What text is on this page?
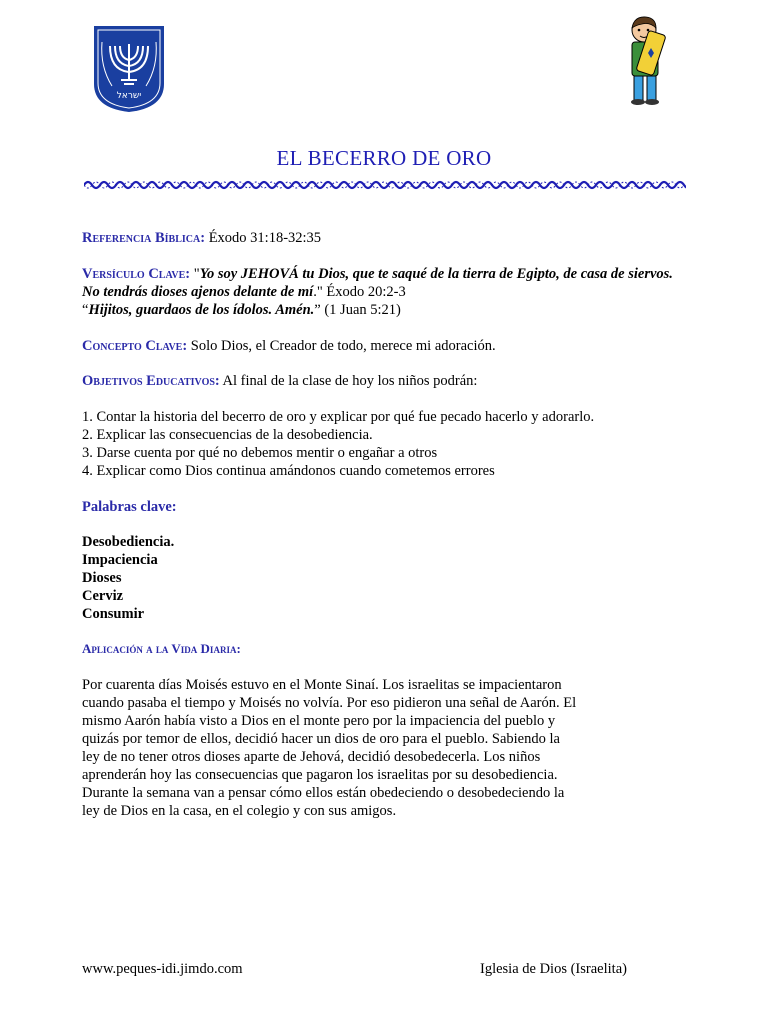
ישראל
EL BECERRO DE ORO
Referencia Bíblica: Éxodo 31:18-32:35
Versículo Clave: "Yo soy JEHOVÁ tu Dios, que te saqué de la tierra de Egipto, de casa de siervos. No tendrás dioses ajenos delante de mí." Éxodo 20:2-3
“Hijitos, guardaos de los ídolos. Amén.” (1 Juan 5:21)
Concepto Clave: Solo Dios, el Creador de todo, merece mi adoración.
Objetivos Educativos: Al final de la clase de hoy los niños podrán:
1. Contar la historia del becerro de oro y explicar por qué fue pecado hacerlo y adorarlo.
2. Explicar las consecuencias de la desobediencia.
3. Darse cuenta por qué no debemos mentir o engañar a otros
4. Explicar como Dios continua amándonos cuando cometemos errores
Palabras clave:
Desobediencia.
Impaciencia
Dioses
Cerviz
Consumir
Aplicación a la Vida Diaria:
Por cuarenta días Moisés estuvo en el Monte Sinaí. Los israelitas se impacientaron
cuando pasaba el tiempo y Moisés no volvía. Por eso pidieron una señal de Aarón. El
mismo Aarón había visto a Dios en el monte pero por la impaciencia del pueblo y
quizás por temor de ellos, decidió hacer un dios de oro para el pueblo. Sabiendo la
ley de no tener otros dioses aparte de Jehová, decidió desobedecerla. Los niños
aprenderán hoy las consecuencias que pagaron los israelitas por su desobediencia.
Durante la semana van a pensar cómo ellos están obedeciendo o desobedeciendo la
ley de Dios en la casa, en el colegio y con sus amigos.
www.peques-idi.jimdo.com	Iglesia de Dios (Israelita)
